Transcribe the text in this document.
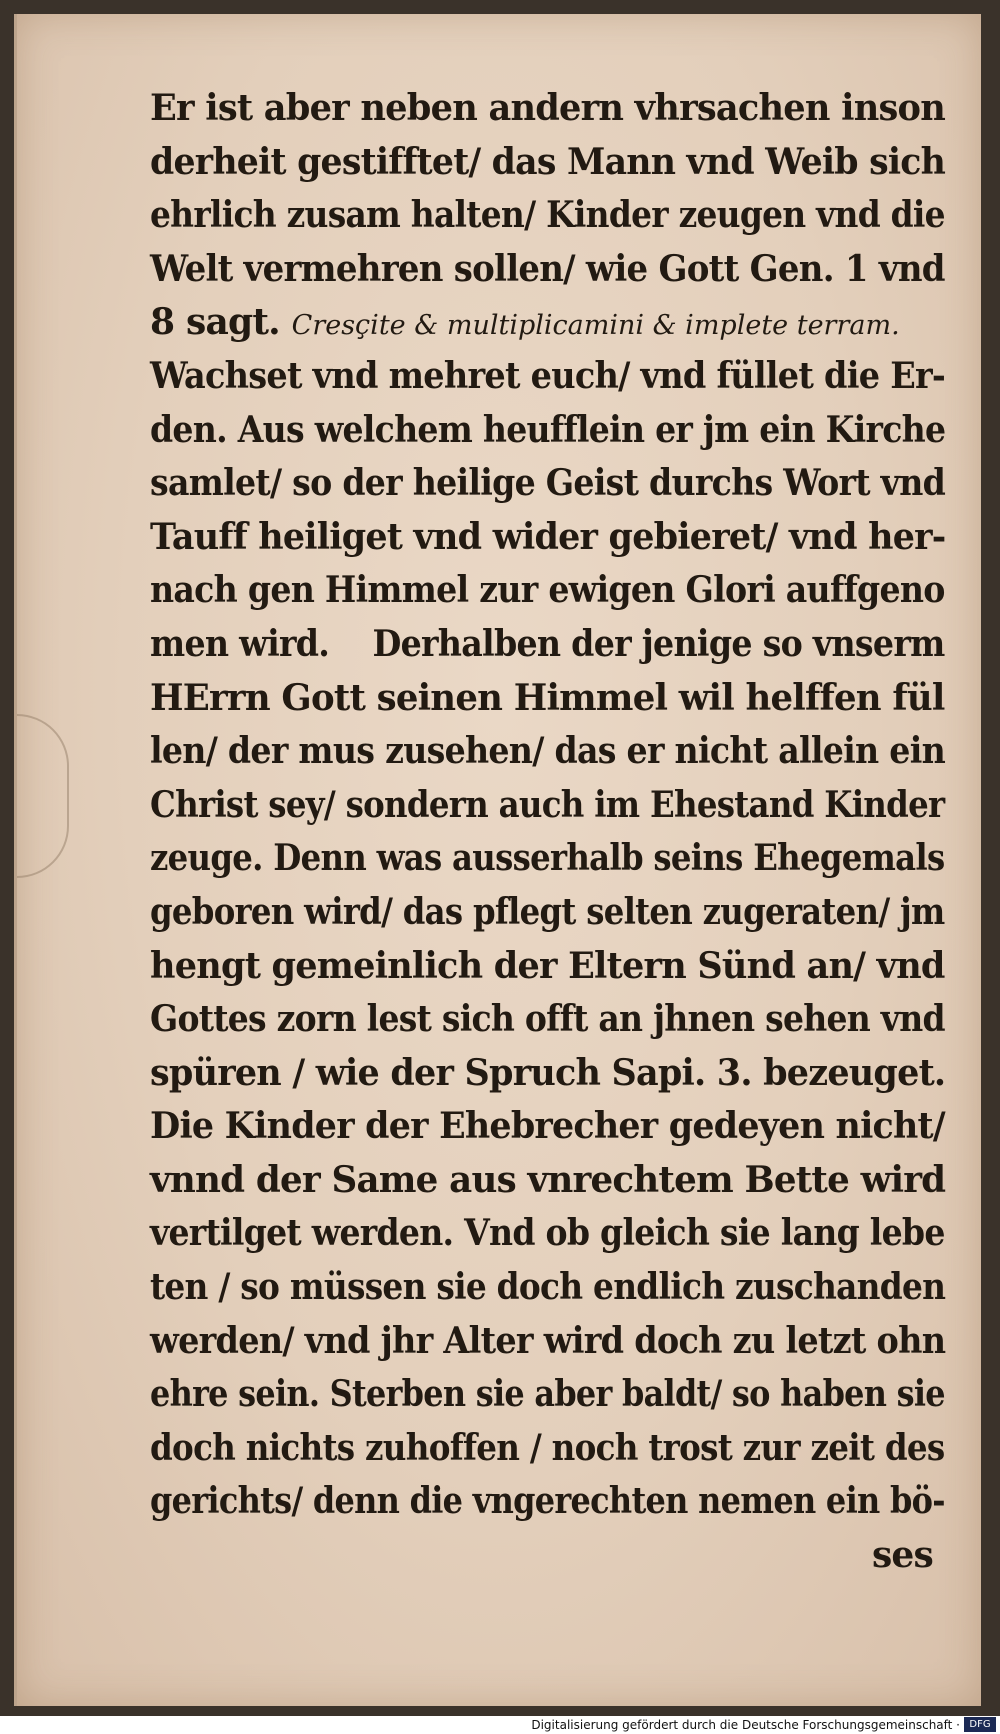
Er ist aber neben andern vhrsachen inson
derheit gestifftet/ das Mann vnd Weib sich
ehrlich zusam halten/ Kinder zeugen vnd die
Welt vermehren sollen/ wie Gott Gen. 1 vnd
8 sagt. Cresçite & multiplicamini & implete terram.
Wachset vnd mehret euch/ vnd füllet die Er-
den. Aus welchem heufflein er jm ein Kirche
samlet/ so der heilige Geist durchs Wort vnd
Tauff heiliget vnd wider gebieret/ vnd her-
nach gen Himmel zur ewigen Glori auffgeno
men wird.    Derhalben der jenige so vnserm
HErrn Gott seinen Himmel wil helffen fül
len/ der mus zusehen/ das er nicht allein ein
Christ sey/ sondern auch im Ehestand Kinder
zeuge. Denn was ausserhalb seins Ehegemals
geboren wird/ das pflegt selten zugeraten/ jm
hengt gemeinlich der Eltern Sünd an/ vnd
Gottes zorn lest sich offt an jhnen sehen vnd
spüren / wie der Spruch Sapi. 3. bezeuget.
Die Kinder der Ehebrecher gedeyen nicht/
vnnd der Same aus vnrechtem Bette wird
vertilget werden. Vnd ob gleich sie lang lebe
ten / so müssen sie doch endlich zuschanden
werden/ vnd jhr Alter wird doch zu letzt ohn
ehre sein. Sterben sie aber baldt/ so haben sie
doch nichts zuhoffen / noch trost zur zeit des
gerichts/ denn die vngerechten nemen ein bö-
ses
Digitalisierung gefördert durch die Deutsche Forschungsgemeinschaft · DFG
